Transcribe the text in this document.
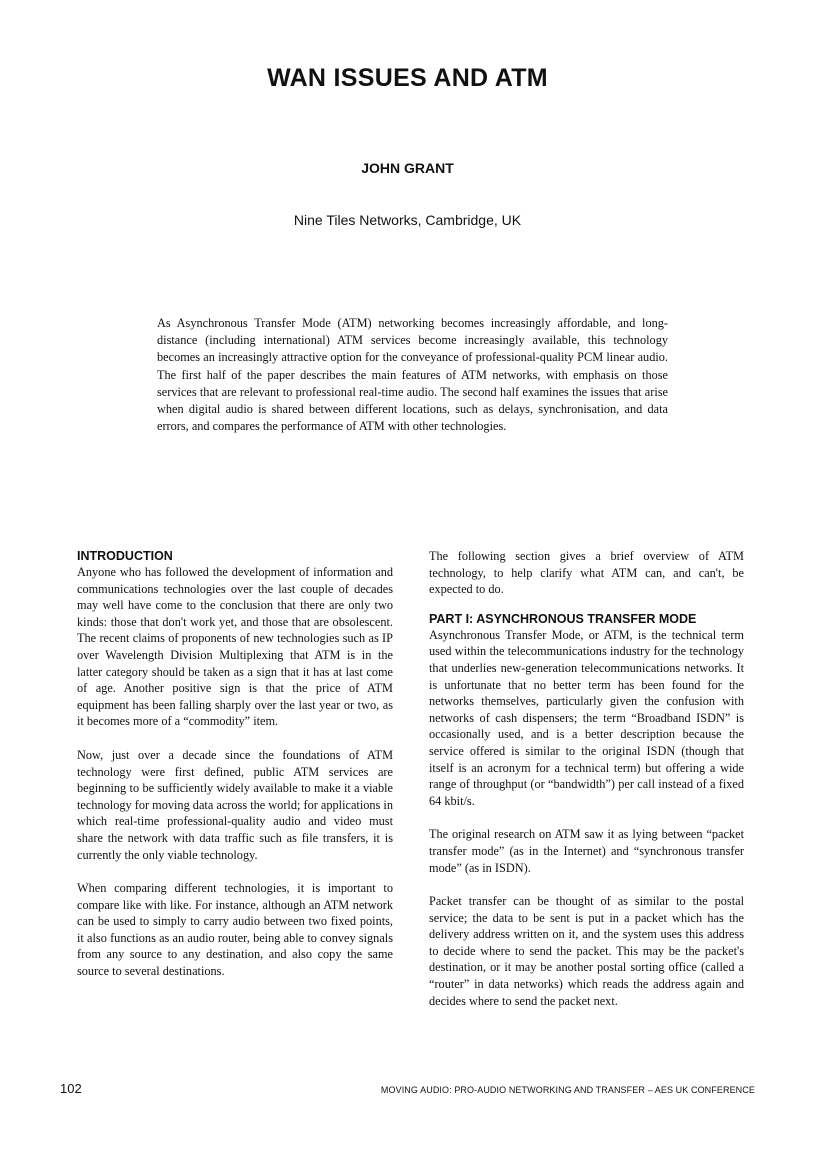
WAN ISSUES AND ATM
JOHN GRANT
Nine Tiles Networks, Cambridge, UK

As Asynchronous Transfer Mode (ATM) networking becomes increasingly affordable, and long-distance (including international) ATM services become increasingly available, this technology becomes an increasingly attractive option for the conveyance of professional-quality PCM linear audio. The first half of the paper describes the main features of ATM networks, with emphasis on those services that are relevant to professional real-time audio. The second half examines the issues that arise when digital audio is shared between different locations, such as delays, synchronisation, and data errors, and compares the performance of ATM with other technologies.

INTRODUCTION

Anyone who has followed the development of information and communications technologies over the last couple of decades may well have come to the conclusion that there are only two kinds: those that don't work yet, and those that are obsolescent. The recent claims of proponents of new technologies such as IP over Wavelength Division Multiplexing that ATM is in the latter category should be taken as a sign that it has at last come of age. Another positive sign is that the price of ATM equipment has been falling sharply over the last year or two, as it becomes more of a “commodity” item.

Now, just over a decade since the foundations of ATM technology were first defined, public ATM services are beginning to be sufficiently widely available to make it a viable technology for moving data across the world; for applications in which real-time professional-quality audio and video must share the network with data traffic such as file transfers, it is currently the only viable technology.

When comparing different technologies, it is important to compare like with like. For instance, although an ATM network can be used to simply to carry audio between two fixed points, it also functions as an audio router, being able to convey signals from any source to any destination, and also copy the same source to several destinations.

The following section gives a brief overview of ATM technology, to help clarify what ATM can, and can't, be expected to do.

PART I: ASYNCHRONOUS TRANSFER MODE

Asynchronous Transfer Mode, or ATM, is the technical term used within the telecommunications industry for the technology that underlies new-generation telecommunications networks. It is unfortunate that no better term has been found for the networks themselves, particularly given the confusion with networks of cash dispensers; the term “Broadband ISDN” is occasionally used, and is a better description because the service offered is similar to the original ISDN (though that itself is an acronym for a technical term) but offering a wide range of throughput (or “bandwidth”) per call instead of a fixed 64 kbit/s.

The original research on ATM saw it as lying between “packet transfer mode” (as in the Internet) and “synchronous transfer mode” (as in ISDN).

Packet transfer can be thought of as similar to the postal service; the data to be sent is put in a packet which has the delivery address written on it, and the system uses this address to decide where to send the packet. This may be the packet's destination, or it may be another postal sorting office (called a “router” in data networks) which reads the address again and decides where to send the packet next.

102	MOVING AUDIO: PRO-AUDIO NETWORKING AND TRANSFER – AES UK CONFERENCE
